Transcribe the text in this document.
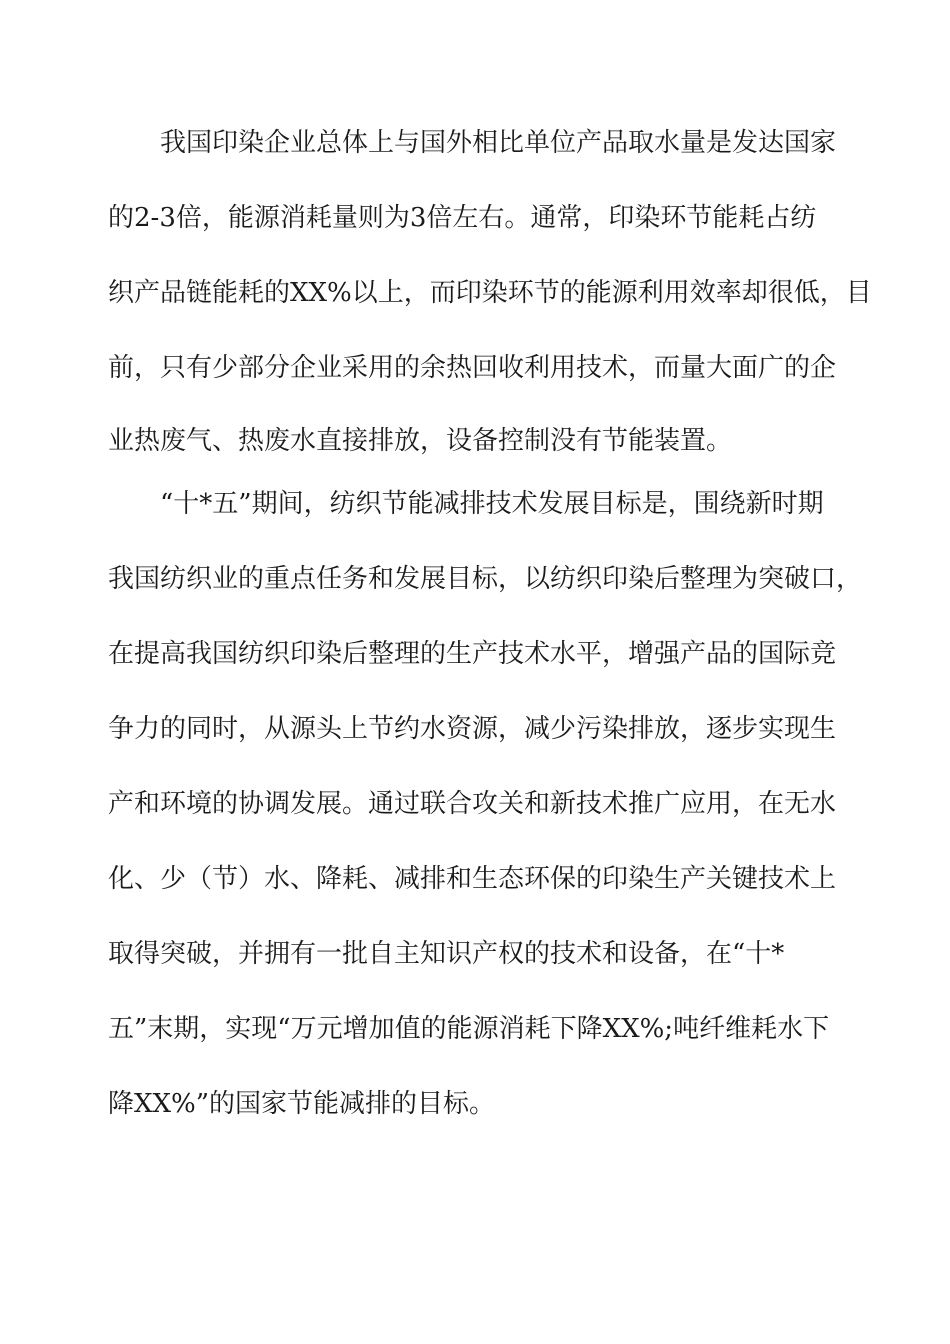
我国印染企业总体上与国外相比单位产品取水量是发达国家
的2-3倍，能源消耗量则为3倍左右。通常，印染环节能耗占纺
织产品链能耗的XX%以上，而印染环节的能源利用效率却很低，目
前，只有少部分企业采用的余热回收利用技术，而量大面广的企
业热废气、热废水直接排放，设备控制没有节能装置。
“十*五”期间，纺织节能减排技术发展目标是，围绕新时期
我国纺织业的重点任务和发展目标，以纺织印染后整理为突破口，
在提高我国纺织印染后整理的生产技术水平，增强产品的国际竞
争力的同时，从源头上节约水资源，减少污染排放，逐步实现生
产和环境的协调发展。通过联合攻关和新技术推广应用，在无水
化、少（节）水、降耗、减排和生态环保的印染生产关键技术上
取得突破，并拥有一批自主知识产权的技术和设备，在“十*
五”末期，实现“万元增加值的能源消耗下降XX%;吨纤维耗水下
降XX%”的国家节能减排的目标。
